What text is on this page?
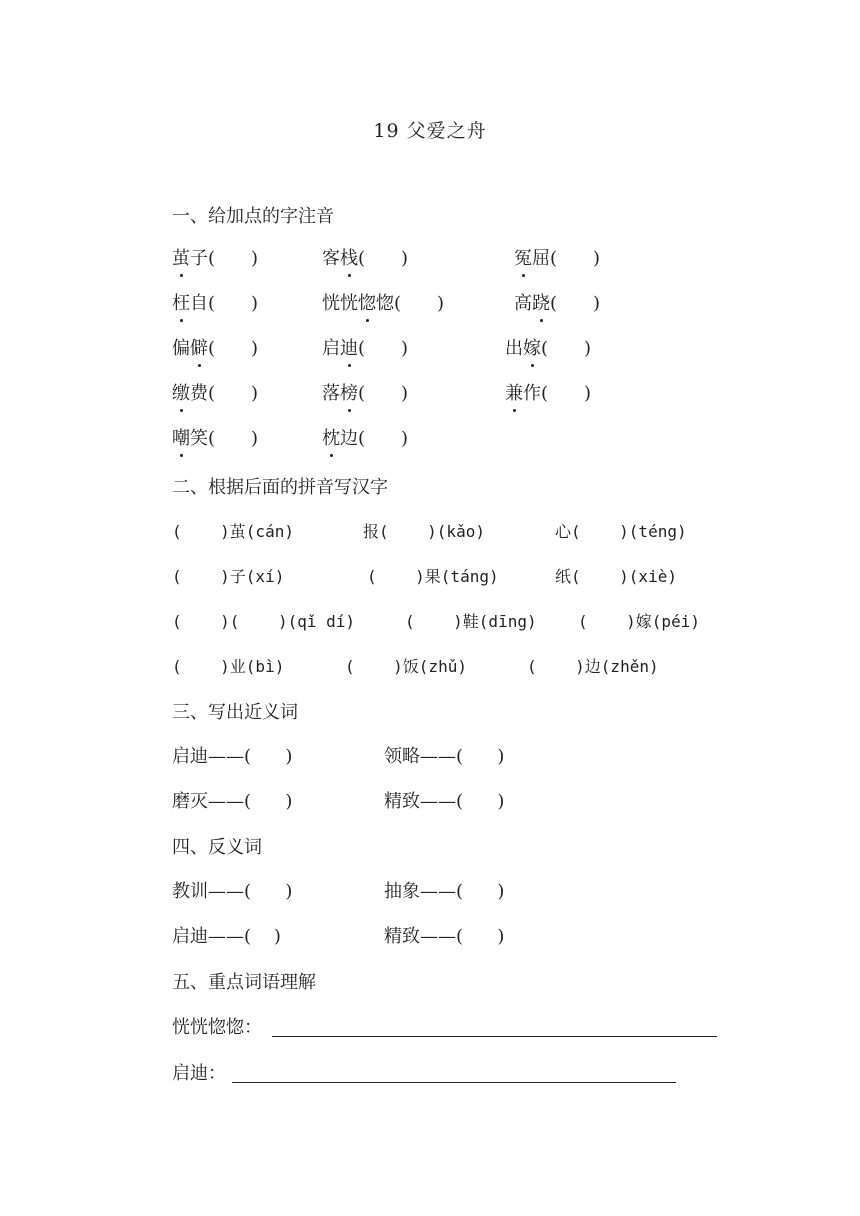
19 父爱之舟
一、给加点的字注音
茧子(　　)	客栈(　　)	冤屈(　　)
枉自(　　)	恍恍惚惚(　　)	高跷(　　)
偏僻(　　)	启迪(　　)	出嫁(　　)
缴费(　　)	落榜(　　)	兼作(　　)
嘲笑(　　)	枕边(　　)
二、根据后面的拼音写汉字
(    )茧(cán)	报(    )(kǎo)	心(    )(téng)
(    )子(xí)	(    )果(táng)	纸(    )(xiè)
(    )(    )(qǐ dí)	(    )鞋(dīng)	(    )嫁(péi)
(    )业(bì)	(    )饭(zhǔ)	(    )边(zhěn)
三、写出近义词
启迪——(      )	领略——(      )
磨灭——(      )	精致——(      )
四、反义词
教训——(      )	抽象——(      )
启迪——(    )	精致——(      )
五、重点词语理解
恍恍惚惚：
启迪：
